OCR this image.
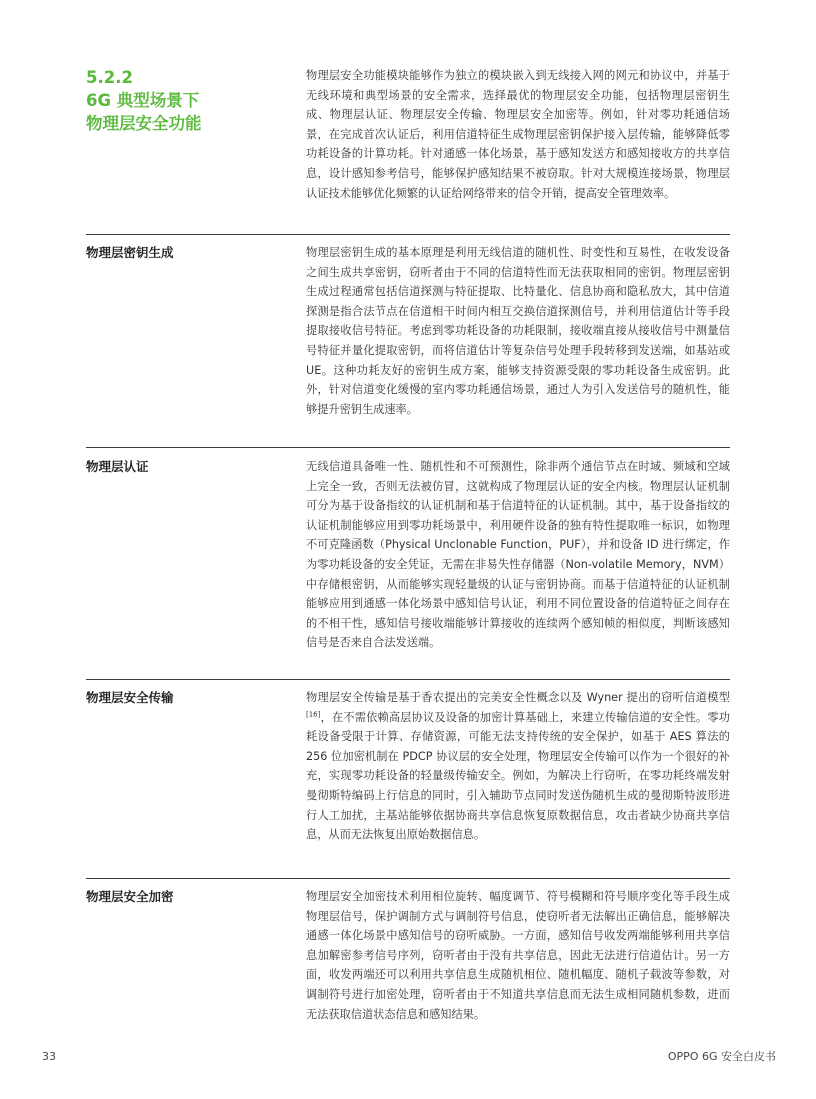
5.2.2
6G 典型场景下
物理层安全功能
物理层安全功能模块能够作为独立的模块嵌入到无线接入网的网元和协议中，并基于无线环境和典型场景的安全需求，选择最优的物理层安全功能，包括物理层密钥生成、物理层认证、物理层安全传输、物理层安全加密等。例如，针对零功耗通信场景，在完成首次认证后，利用信道特征生成物理层密钥保护接入层传输，能够降低零功耗设备的计算功耗。针对通感一体化场景，基于感知发送方和感知接收方的共享信息，设计感知参考信号，能够保护感知结果不被窃取。针对大规模连接场景，物理层认证技术能够优化频繁的认证给网络带来的信令开销，提高安全管理效率。
物理层密钥生成	物理层密钥生成的基本原理是利用无线信道的随机性、时变性和互易性，在收发设备之间生成共享密钥，窃听者由于不同的信道特性而无法获取相同的密钥。物理层密钥生成过程通常包括信道探测与特征提取、比特量化、信息协商和隐私放大，其中信道探测是指合法节点在信道相干时间内相互交换信道探测信号，并利用信道估计等手段提取接收信号特征。考虑到零功耗设备的功耗限制，接收端直接从接收信号中测量信号特征并量化提取密钥，而将信道估计等复杂信号处理手段转移到发送端，如基站或 UE。这种功耗友好的密钥生成方案，能够支持资源受限的零功耗设备生成密钥。此外，针对信道变化缓慢的室内零功耗通信场景，通过人为引入发送信号的随机性，能够提升密钥生成速率。
物理层认证	无线信道具备唯一性、随机性和不可预测性，除非两个通信节点在时域、频域和空域上完全一致，否则无法被仿冒，这就构成了物理层认证的安全内核。物理层认证机制可分为基于设备指纹的认证机制和基于信道特征的认证机制。其中，基于设备指纹的认证机制能够应用到零功耗场景中，利用硬件设备的独有特性提取唯一标识，如物理不可克隆函数（Physical Unclonable Function，PUF），并和设备 ID 进行绑定，作为零功耗设备的安全凭证，无需在非易失性存储器（Non-volatile Memory，NVM）中存储根密钥，从而能够实现轻量级的认证与密钥协商。而基于信道特征的认证机制能够应用到通感一体化场景中感知信号认证，利用不同位置设备的信道特征之间存在的不相干性，感知信号接收端能够计算接收的连续两个感知帧的相似度，判断该感知信号是否来自合法发送端。
物理层安全传输	物理层安全传输是基于香农提出的完美安全性概念以及 Wyner 提出的窃听信道模型 [16]，在不需依赖高层协议及设备的加密计算基础上，来建立传输信道的安全性。零功耗设备受限于计算、存储资源，可能无法支持传统的安全保护，如基于 AES 算法的 256 位加密机制在 PDCP 协议层的安全处理，物理层安全传输可以作为一个很好的补充，实现零功耗设备的轻量级传输安全。例如，为解决上行窃听，在零功耗终端发射曼彻斯特编码上行信息的同时，引入辅助节点同时发送伪随机生成的曼彻斯特波形进行人工加扰，主基站能够依据协商共享信息恢复原数据信息，攻击者缺少协商共享信息，从而无法恢复出原始数据信息。
物理层安全加密	物理层安全加密技术利用相位旋转、幅度调节、符号模糊和符号顺序变化等手段生成物理层信号，保护调制方式与调制符号信息，使窃听者无法解出正确信息，能够解决通感一体化场景中感知信号的窃听威胁。一方面，感知信号收发两端能够利用共享信息加解密参考信号序列，窃听者由于没有共享信息，因此无法进行信道估计。另一方面，收发两端还可以利用共享信息生成随机相位、随机幅度、随机子载波等参数，对调制符号进行加密处理，窃听者由于不知道共享信息而无法生成相同随机参数，进而无法获取信道状态信息和感知结果。
33	OPPO 6G 安全白皮书
